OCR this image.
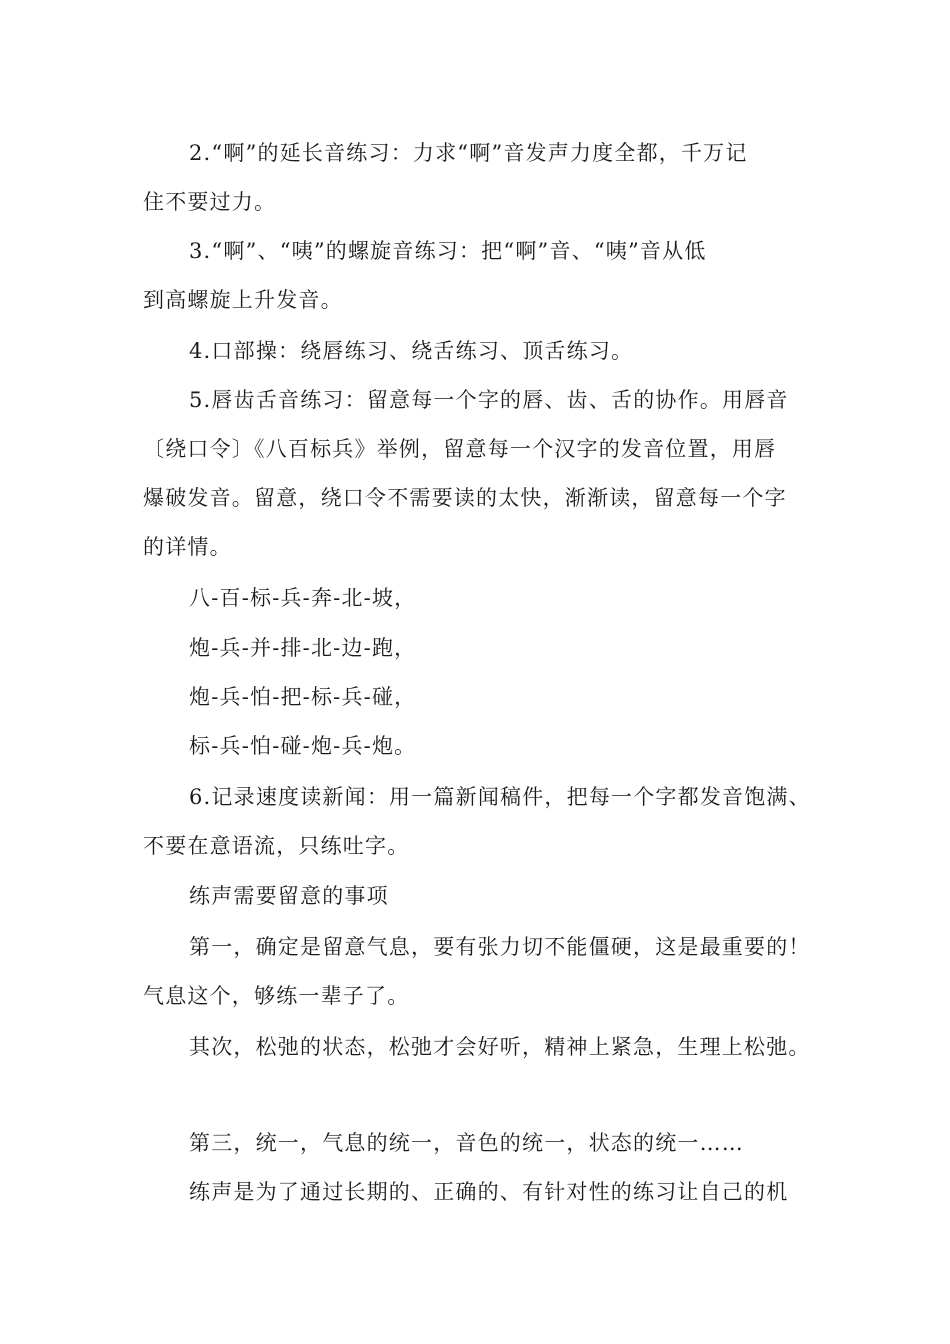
2.“啊”的延长音练习：力求“啊”音发声力度全都，千万记
住不要过力。
3.“啊”、“咦”的螺旋音练习：把“啊”音、“咦”音从低
到高螺旋上升发音。
4.口部操：绕唇练习、绕舌练习、顶舌练习。
5.唇齿舌音练习：留意每一个字的唇、齿、舌的协作。用唇音
〔绕口令〕《八百标兵》举例，留意每一个汉字的发音位置，用唇
爆破发音。留意，绕口令不需要读的太快，渐渐读，留意每一个字
的详情。
八-百-标-兵-奔-北-坡，
炮-兵-并-排-北-边-跑，
炮-兵-怕-把-标-兵-碰，
标-兵-怕-碰-炮-兵-炮。
6.记录速度读新闻：用一篇新闻稿件，把每一个字都发音饱满、
不要在意语流，只练吐字。
练声需要留意的事项
第一，确定是留意气息，要有张力切不能僵硬，这是最重要的！
气息这个，够练一辈子了。
其次，松弛的状态，松弛才会好听，精神上紧急，生理上松弛。
第三，统一，气息的统一，音色的统一，状态的统一……
练声是为了通过长期的、正确的、有针对性的练习让自己的机
